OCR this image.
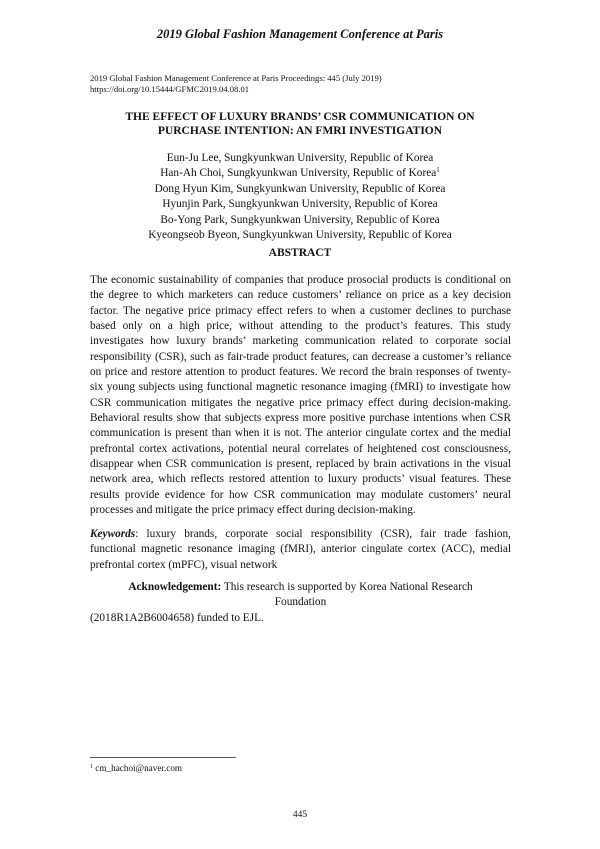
2019 Global Fashion Management Conference at Paris
2019 Global Fashion Management Conference at Paris Proceedings: 445 (July 2019)
https://doi.org/10.15444/GFMC2019.04.08.01
THE EFFECT OF LUXURY BRANDS’ CSR COMMUNICATION ON
PURCHASE INTENTION: AN FMRI INVESTIGATION
Eun-Ju Lee, Sungkyunkwan University, Republic of Korea
Han-Ah Choi, Sungkyunkwan University, Republic of Korea$^1$
Dong Hyun Kim, Sungkyunkwan University, Republic of Korea
Hyunjin Park, Sungkyunkwan University, Republic of Korea
Bo-Yong Park, Sungkyunkwan University, Republic of Korea
Kyeongseob Byeon, Sungkyunkwan University, Republic of Korea
ABSTRACT

The economic sustainability of companies that produce prosocial products is conditional on the degree to which marketers can reduce customers’ reliance on price as a key decision factor. The negative price primacy effect refers to when a customer declines to purchase based only on a high price, without attending to the product’s features. This study investigates how luxury brands’ marketing communication related to corporate social responsibility (CSR), such as fair-trade product features, can decrease a customer’s reliance on price and restore attention to product features. We record the brain responses of twenty-six young subjects using functional magnetic resonance imaging (fMRI) to investigate how CSR communication mitigates the negative price primacy effect during decision-making. Behavioral results show that subjects express more positive purchase intentions when CSR communication is present than when it is not. The anterior cingulate cortex and the medial prefrontal cortex activations, potential neural correlates of heightened cost consciousness, disappear when CSR communication is present, replaced by brain activations in the visual network area, which reflects restored attention to luxury products’ visual features. These results provide evidence for how CSR communication may modulate customers’ neural processes and mitigate the price primacy effect during decision-making.

Keywords: luxury brands, corporate social responsibility (CSR), fair trade fashion, functional magnetic resonance imaging (fMRI), anterior cingulate cortex (ACC), medial prefrontal cortex (mPFC), visual network

Acknowledgement: This research is supported by Korea National Research
Foundation
(2018R1A2B6004658) funded to EJL.
$^1$ cm_hachoi@naver.com
445
